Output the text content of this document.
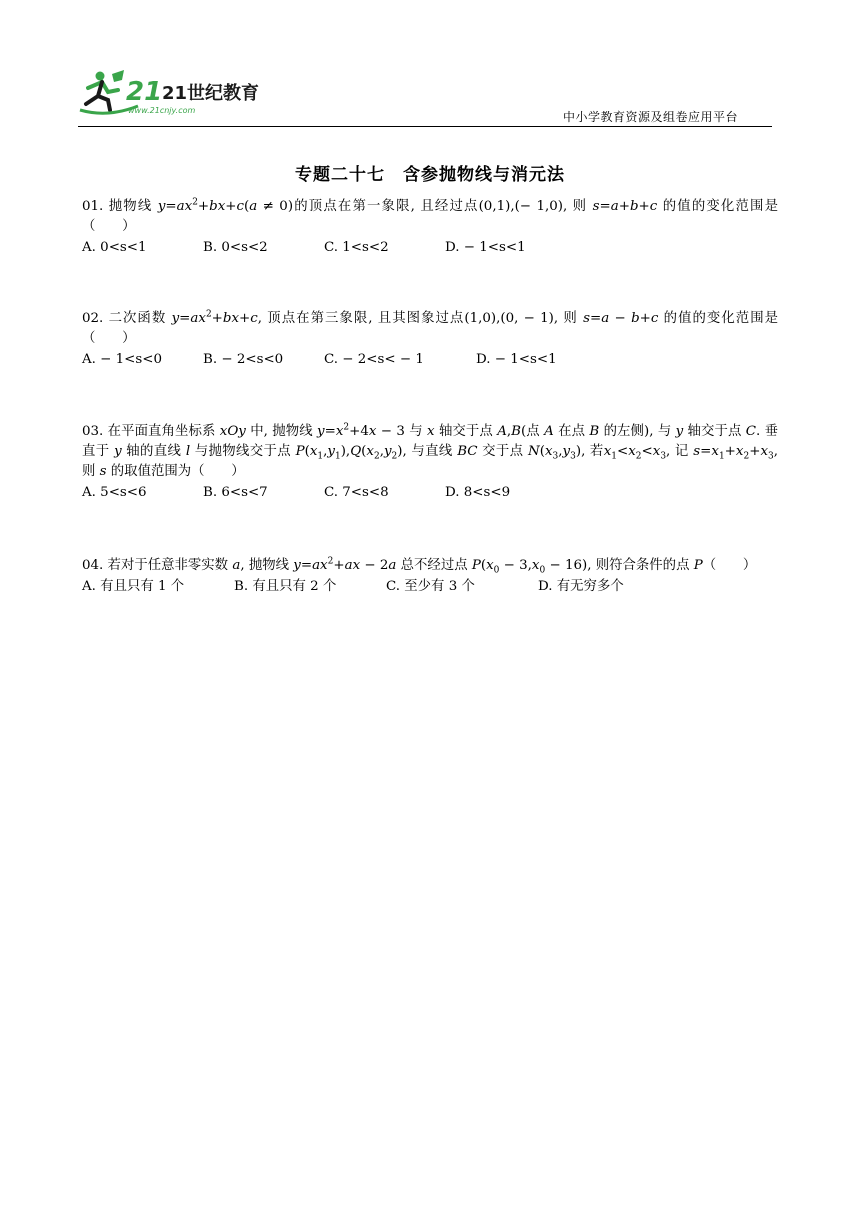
21 21世纪教育
www.21cnjy.com	中小学教育资源及组卷应用平台
专题二十七　含参抛物线与消元法
01. 抛物线 $y=ax^2+bx+c(a \ne 0)$的顶点在第一象限, 且经过点(0,1),(− 1,0), 则 s=a+b+c 的值的变化范围是（　　）
A. 0<s<1	B. 0<s<2	C. 1<s<2	D. − 1<s<1
02. 二次函数 $y=ax^2+bx+c$, 顶点在第三象限, 且其图象过点(1,0),(0, − 1), 则 s=a − b+c 的值的变化范围是（　　）
A. − 1<s<0	B. − 2<s<0	C. − 2<s< − 1	D. − 1<s<1
03. 在平面直角坐标系 xOy 中, 抛物线 $y=x^2+4x - 3$ 与 x 轴交于点 A,B(点 A 在点 B 的左侧), 与 y 轴交于点 C. 垂直于 y 轴的直线 l 与抛物线交于点 $P(x_1,y_1),Q(x_2,y_2)$, 与直线 BC 交于点 $N(x_3,y_3)$, 若$x_1<x_2<x_3$, 记 $s=x_1+x_2+x_3$, 则 s 的取值范围为（　　）
A. 5<s<6	B. 6<s<7	C. 7<s<8	D. 8<s<9
04. 若对于任意非零实数 a, 抛物线 $y=ax^2+ax - 2a$ 总不经过点 $P(x_0 - 3,x_0 - 16)$, 则符合条件的点 P（　　）
A. 有且只有 1 个	B. 有且只有 2 个	C. 至少有 3 个	D. 有无穷多个
